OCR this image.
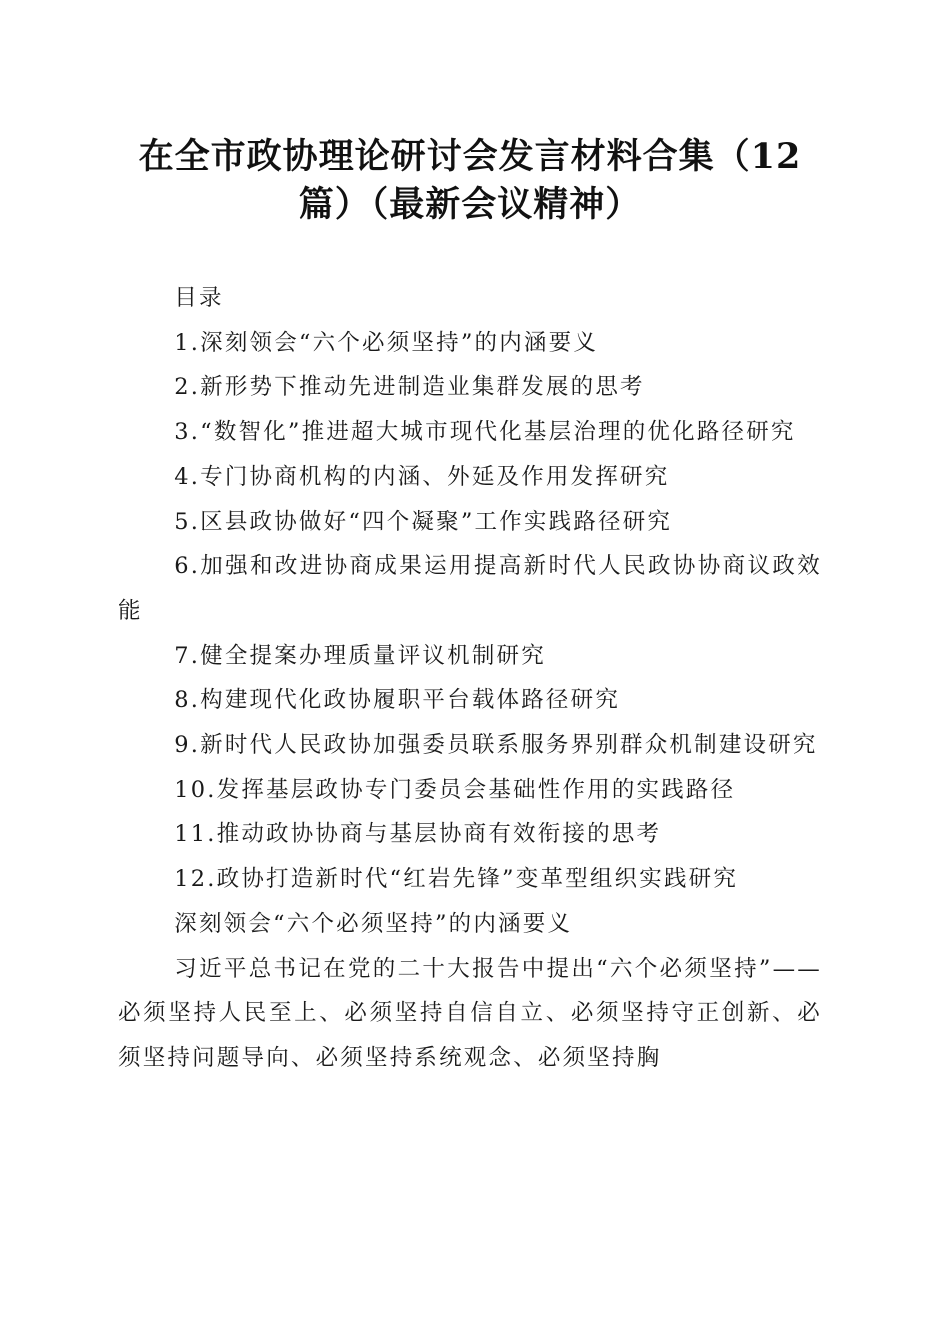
在全市政协理论研讨会发言材料合集（12篇）（最新会议精神）

目录

1.深刻领会“六个必须坚持”的内涵要义

2.新形势下推动先进制造业集群发展的思考

3.“数智化”推进超大城市现代化基层治理的优化路径研究

4.专门协商机构的内涵、外延及作用发挥研究

5.区县政协做好“四个凝聚”工作实践路径研究

6.加强和改进协商成果运用提高新时代人民政协协商议政效能

7.健全提案办理质量评议机制研究

8.构建现代化政协履职平台载体路径研究

9.新时代人民政协加强委员联系服务界别群众机制建设研究

10.发挥基层政协专门委员会基础性作用的实践路径

11.推动政协协商与基层协商有效衔接的思考

12.政协打造新时代“红岩先锋”变革型组织实践研究

深刻领会“六个必须坚持”的内涵要义

习近平总书记在党的二十大报告中提出“六个必须坚持”——必须坚持人民至上、必须坚持自信自立、必须坚持守正创新、必须坚持问题导向、必须坚持系统观念、必须坚持胸
